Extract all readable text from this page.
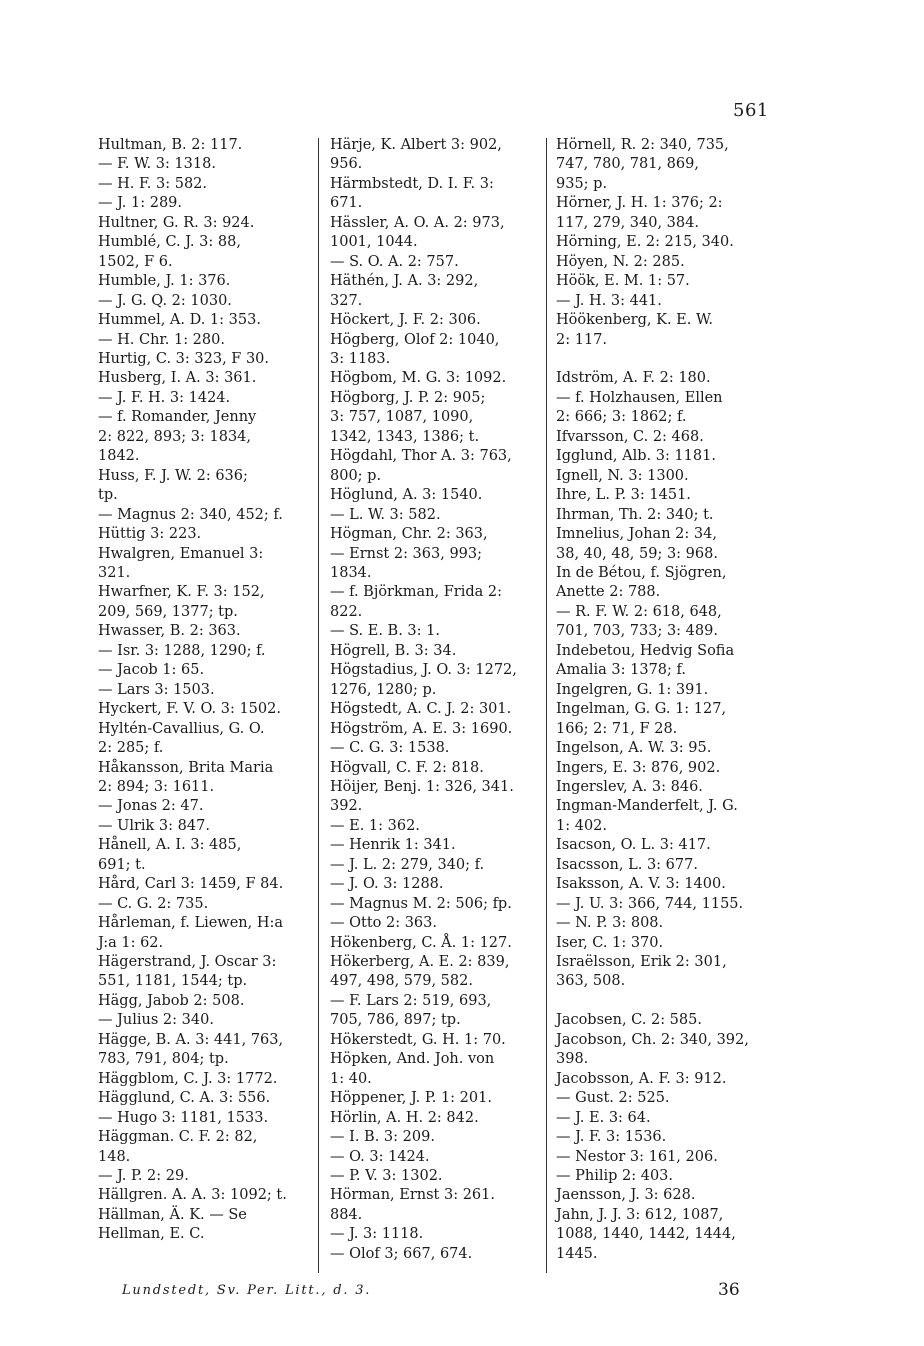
561
Hultman, B. 2: 117.
— F. W. 3: 1318.
— H. F. 3: 582.
— J. 1: 289.
Hultner, G. R. 3: 924.
Humblé, C. J. 3: 88,
1502, F 6.
Humble, J. 1: 376.
— J. G. Q. 2: 1030.
Hummel, A. D. 1: 353.
— H. Chr. 1: 280.
Hurtig, C. 3: 323, F 30.
Husberg, I. A. 3: 361.
— J. F. H. 3: 1424.
— f. Romander, Jenny
2: 822, 893; 3: 1834,
1842.
Huss, F. J. W. 2: 636;
tp.
— Magnus 2: 340, 452; f.
Hüttig 3: 223.
Hwalgren, Emanuel 3:
321.
Hwarfner, K. F. 3: 152,
209, 569, 1377; tp.
Hwasser, B. 2: 363.
— Isr. 3: 1288, 1290; f.
— Jacob 1: 65.
— Lars 3: 1503.
Hyckert, F. V. O. 3: 1502.
Hyltén-Cavallius, G. O.
2: 285; f.
Håkansson, Brita Maria
2: 894; 3: 1611.
— Jonas 2: 47.
— Ulrik 3: 847.
Hånell, A. I. 3: 485,
691; t.
Hård, Carl 3: 1459, F 84.
— C. G. 2: 735.
Hårleman, f. Liewen, H:a
J:a 1: 62.
Hägerstrand, J. Oscar 3:
551, 1181, 1544; tp.
Hägg, Jabob 2: 508.
— Julius 2: 340.
Hägge, B. A. 3: 441, 763,
783, 791, 804; tp.
Häggblom, C. J. 3: 1772.
Hägglund, C. A. 3: 556.
— Hugo 3: 1181, 1533.
Häggman. C. F. 2: 82,
148.
— J. P. 2: 29.
Hällgren. A. A. 3: 1092; t.
Hällman, Ä. K. — Se
Hellman, E. C.
Härje, K. Albert 3: 902,
956.
Härmbstedt, D. I. F. 3:
671.
Hässler, A. O. A. 2: 973,
1001, 1044.
— S. O. A. 2: 757.
Häthén, J. A. 3: 292,
327.
Höckert, J. F. 2: 306.
Högberg, Olof 2: 1040,
3: 1183.
Högbom, M. G. 3: 1092.
Högborg, J. P. 2: 905;
3: 757, 1087, 1090,
1342, 1343, 1386; t.
Högdahl, Thor A. 3: 763,
800; p.
Höglund, A. 3: 1540.
— L. W. 3: 582.
Högman, Chr. 2: 363,
— Ernst 2: 363, 993;
1834.
— f. Björkman, Frida 2:
822.
— S. E. B. 3: 1.
Högrell, B. 3: 34.
Högstadius, J. O. 3: 1272,
1276, 1280; p.
Högstedt, A. C. J. 2: 301.
Högström, A. E. 3: 1690.
— C. G. 3: 1538.
Högvall, C. F. 2: 818.
Höijer, Benj. 1: 326, 341.
392.
— E. 1: 362.
— Henrik 1: 341.
— J. L. 2: 279, 340; f.
— J. O. 3: 1288.
— Magnus M. 2: 506; fp.
— Otto 2: 363.
Hökenberg, C. Å. 1: 127.
Hökerberg, A. E. 2: 839,
497, 498, 579, 582.
— F. Lars 2: 519, 693,
705, 786, 897; tp.
Hökerstedt, G. H. 1: 70.
Höpken, And. Joh. von
1: 40.
Höppener, J. P. 1: 201.
Hörlin, A. H. 2: 842.
— I. B. 3: 209.
— O. 3: 1424.
— P. V. 3: 1302.
Hörman, Ernst 3: 261.
884.
— J. 3: 1118.
— Olof 3; 667, 674.
Hörnell, R. 2: 340, 735,
747, 780, 781, 869,
935; p.
Hörner, J. H. 1: 376; 2:
117, 279, 340, 384.
Hörning, E. 2: 215, 340.
Höyen, N. 2: 285.
Höök, E. M. 1: 57.
— J. H. 3: 441.
Höökenberg, K. E. W.
2: 117.

Idström, A. F. 2: 180.
— f. Holzhausen, Ellen
2: 666; 3: 1862; f.
Ifvarsson, C. 2: 468.
Igglund, Alb. 3: 1181.
Ignell, N. 3: 1300.
Ihre, L. P. 3: 1451.
Ihrman, Th. 2: 340; t.
Imnelius, Johan 2: 34,
38, 40, 48, 59; 3: 968.
In de Bétou, f. Sjögren,
Anette 2: 788.
— R. F. W. 2: 618, 648,
701, 703, 733; 3: 489.
Indebetou, Hedvig Sofia
Amalia 3: 1378; f.
Ingelgren, G. 1: 391.
Ingelman, G. G. 1: 127,
166; 2: 71, F 28.
Ingelson, A. W. 3: 95.
Ingers, E. 3: 876, 902.
Ingerslev, A. 3: 846.
Ingman-Manderfelt, J. G.
1: 402.
Isacson, O. L. 3: 417.
Isacsson, L. 3: 677.
Isaksson, A. V. 3: 1400.
— J. U. 3: 366, 744, 1155.
— N. P. 3: 808.
Iser, C. 1: 370.
Israëlsson, Erik 2: 301,
363, 508.

Jacobsen, C. 2: 585.
Jacobson, Ch. 2: 340, 392,
398.
Jacobsson, A. F. 3: 912.
— Gust. 2: 525.
— J. E. 3: 64.
— J. F. 3: 1536.
— Nestor 3: 161, 206.
— Philip 2: 403.
Jaensson, J. 3: 628.
Jahn, J. J. 3: 612, 1087,
1088, 1440, 1442, 1444,
1445.
Lundstedt, Sv. Per. Litt., d. 3.	36
